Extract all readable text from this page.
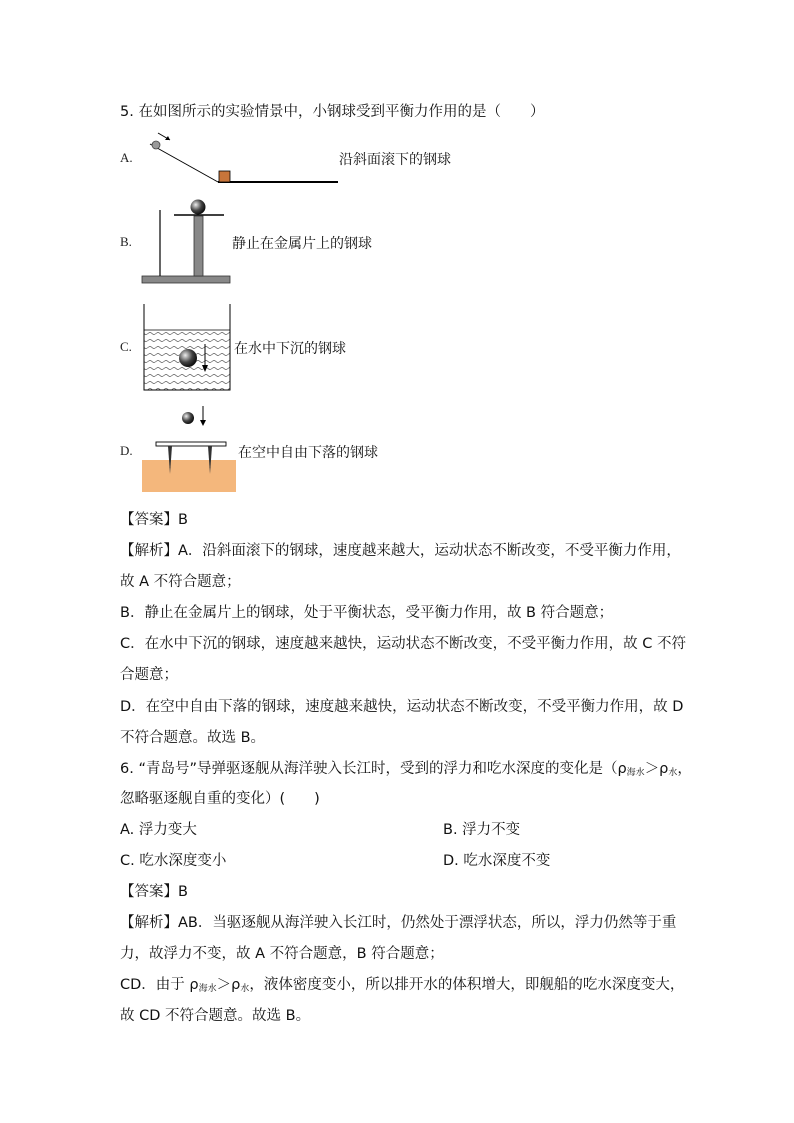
5. 在如图所示的实验情景中，小钢球受到平衡力作用的是（　　）
A.	沿斜面滚下的钢球
B.	静止在金属片上的钢球
C.	在水中下沉的钢球
D.	在空中自由下落的钢球
【答案】B
【解析】A．沿斜面滚下的钢球，速度越来越大，运动状态不断改变，不受平衡力作用，
故 A 不符合题意；
B．静止在金属片上的钢球，处于平衡状态，受平衡力作用，故 B 符合题意；
C．在水中下沉的钢球，速度越来越快，运动状态不断改变，不受平衡力作用，故 C 不符
合题意；
D．在空中自由下落的钢球，速度越来越快，运动状态不断改变，不受平衡力作用，故 D
不符合题意。故选 B。
6. “青岛号”导弹驱逐舰从海洋驶入长江时，受到的浮力和吃水深度的变化是（$\rho_{海水}>\rho_水$，
忽略驱逐舰自重的变化）(　　)
A. 浮力变大	B. 浮力不变
C. 吃水深度变小	D. 吃水深度不变
【答案】B
【解析】AB．当驱逐舰从海洋驶入长江时，仍然处于漂浮状态，所以，浮力仍然等于重
力，故浮力不变，故 A 不符合题意，B 符合题意；
CD．由于 $\rho_{海水}>\rho_水$，液体密度变小，所以排开水的体积增大，即舰船的吃水深度变大，
故 CD 不符合题意。故选 B。
